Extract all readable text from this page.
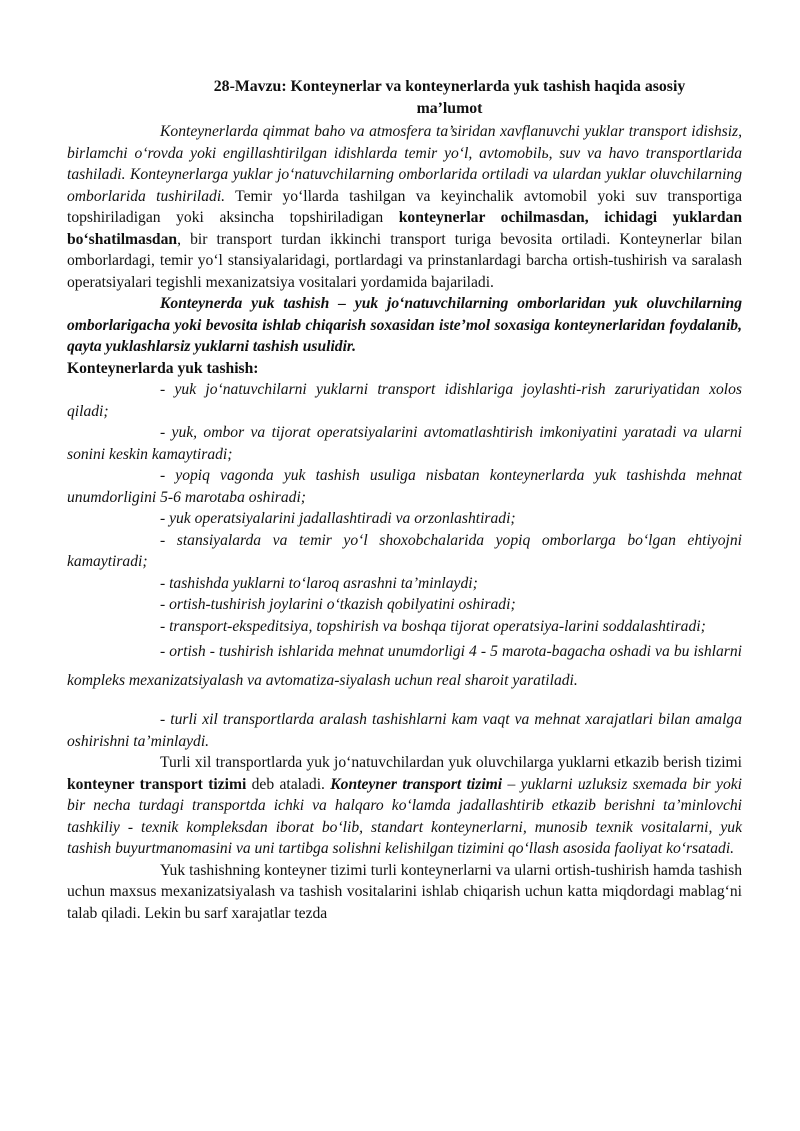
28-Mavzu: Konteynerlar va konteynerlarda yuk tashish haqida asosiy
ma’lumot

Konteynerlarda qimmat baho va atmosfera ta’siridan xavflanuvchi yuklar transport idishsiz, birlamchi o‘rovda yoki engillashtirilgan idishlarda temir yo‘l, avtomobilь, suv va havo transportlarida tashiladi. Konteynerlarga yuklar jo‘natuvchilarning omborlarida ortiladi va ulardan yuklar oluvchilarning omborlarida tushiriladi. Temir yo‘llarda tashilgan va keyinchalik avtomobil yoki suv transportiga topshiriladigan yoki aksincha topshiriladigan konteynerlar ochilmasdan, ichidagi yuklardan bo‘shatilmasdan, bir transport turdan ikkinchi transport turiga bevosita ortiladi. Konteynerlar bilan omborlardagi, temir yo‘l stansiyalaridagi, portlardagi va prinstanlardagi barcha ortish-tushirish va saralash operatsiyalari tegishli mexanizatsiya vositalari yordamida bajariladi.

Konteynerda yuk tashish – yuk jo‘natuvchilarning omborlaridan yuk oluvchilarning omborlarigacha yoki bevosita ishlab chiqarish soxasidan iste’mol soxasiga konteynerlaridan foydalanib, qayta yuklashlarsiz yuklarni tashish usulidir.

Konteynerlarda yuk tashish:

- yuk jo‘natuvchilarni yuklarni transport idishlariga joylashti-rish zaruriyatidan xolos qiladi;

- yuk, ombor va tijorat operatsiyalarini avtomatlashtirish imkoniyatini yaratadi va ularni sonini keskin kamaytiradi;

- yopiq vagonda yuk tashish usuliga nisbatan konteynerlarda yuk tashishda mehnat unumdorligini 5-6 marotaba oshiradi;

- yuk operatsiyalarini jadallashtiradi va orzonlashtiradi;

- stansiyalarda va temir yo‘l shoxobchalarida yopiq omborlarga bo‘lgan ehtiyojni kamaytiradi;

- tashishda yuklarni to‘laroq asrashni ta’minlaydi;

- ortish-tushirish joylarini o‘tkazish qobilyatini oshiradi;

- transport-ekspeditsiya, topshirish va boshqa tijorat operatsiya-larini soddalashtiradi;

- ortish - tushirish ishlarida mehnat unumdorligi 4 - 5 marota-bagacha oshadi va bu ishlarni kompleks mexanizatsiyalash va avtomatiza-siyalash uchun real sharoit yaratiladi.

- turli xil transportlarda aralash tashishlarni kam vaqt va mehnat xarajatlari bilan amalga oshirishni ta’minlaydi.

Turli xil transportlarda yuk jo‘natuvchilardan yuk oluvchilarga yuklarni etkazib berish tizimi konteyner transport tizimi deb ataladi. Konteyner transport tizimi – yuklarni uzluksiz sxemada bir yoki bir necha turdagi transportda ichki va halqaro ko‘lamda jadallashtirib etkazib berishni ta’minlovchi tashkiliy - texnik kompleksdan iborat bo‘lib, standart konteynerlarni, munosib texnik vositalarni, yuk tashish buyurtmanomasini va uni tartibga solishni kelishilgan tizimini qo‘llash asosida faoliyat ko‘rsatadi.

Yuk tashishning konteyner tizimi turli konteynerlarni va ularni ortish-tushirish hamda tashish uchun maxsus mexanizatsiyalash va tashish vositalarini ishlab chiqarish uchun katta miqdordagi mablag‘ni talab qiladi. Lekin bu sarf xarajatlar tezda
